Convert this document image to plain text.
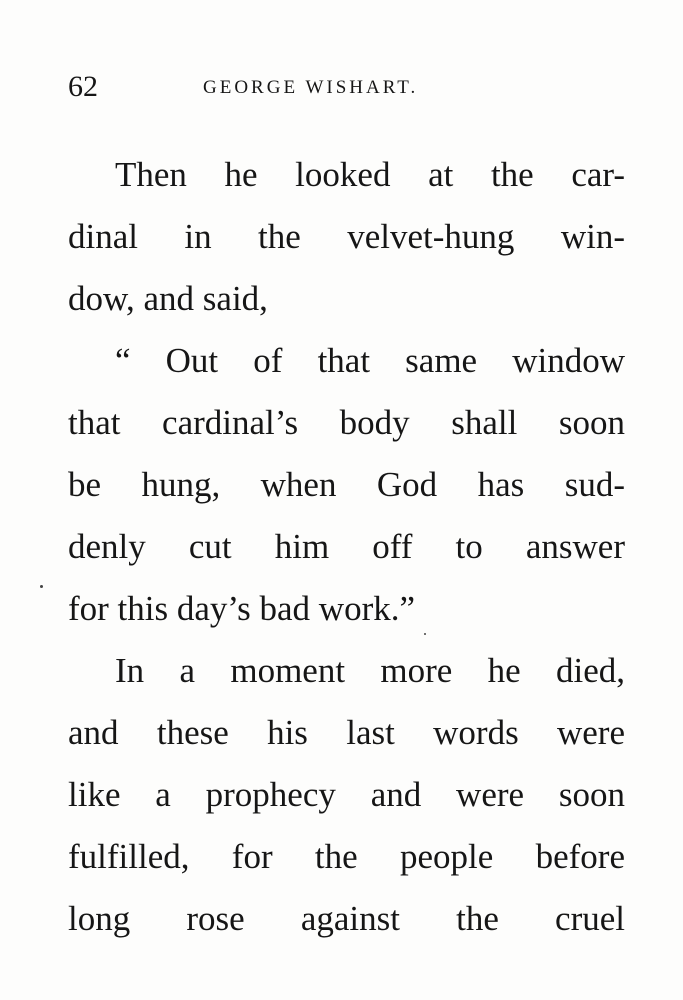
62	GEORGE WISHART.
Then he looked at the car-
dinal in the velvet-hung win-
dow, and said,
“ Out of that same window
that cardinal’s body shall soon
be hung, when God has sud-
denly cut him off to answer
for this day’s bad work.”
In a moment more he died,
and these his last words were
like a prophecy and were soon
fulfilled, for the people before
long rose against the cruel
